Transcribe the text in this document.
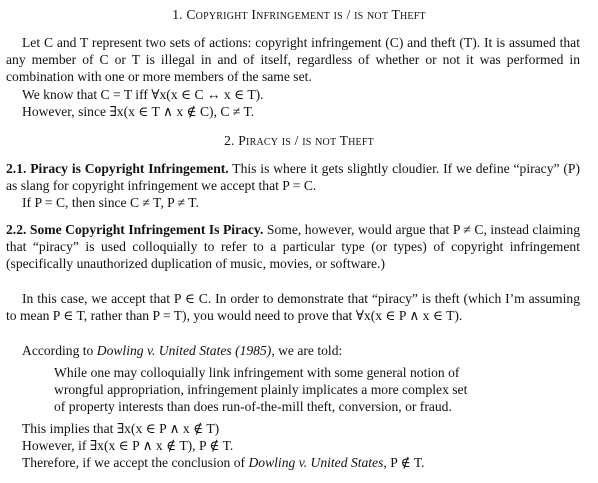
1. Copyright Infringement is / is not Theft
Let C and T represent two sets of actions: copyright infringement (C) and theft (T). It is assumed that any member of C or T is illegal in and of itself, regardless of whether or not it was performed in combination with one or more members of the same set.
We know that C = T iff ∀x(x ∈ C ↔ x ∈ T).
However, since ∃x(x ∈ T ∧ x ∉ C), C ≠ T.
2. Piracy is / is not Theft
2.1. Piracy is Copyright Infringement. This is where it gets slightly cloudier. If we define “piracy” (P) as slang for copyright infringement we accept that P = C.
If P = C, then since C ≠ T, P ≠ T.
2.2. Some Copyright Infringement Is Piracy. Some, however, would argue that P ≠ C, instead claiming that “piracy” is used colloquially to refer to a particular type (or types) of copyright infringement (specifically unauthorized duplication of music, movies, or software.)
In this case, we accept that P ∈ C. In order to demonstrate that “piracy” is theft (which I’m assuming to mean P ∈ T, rather than P = T), you would need to prove that ∀x(x ∈ P ∧ x ∈ T).
According to Dowling v. United States (1985), we are told:
While one may colloquially link infringement with some general notion of
wrongful appropriation, infringement plainly implicates a more complex set
of property interests than does run-of-the-mill theft, conversion, or fraud.
This implies that ∃x(x ∈ P ∧ x ∉ T)
However, if ∃x(x ∈ P ∧ x ∉ T), P ∉ T.
Therefore, if we accept the conclusion of Dowling v. United States, P ∉ T.
